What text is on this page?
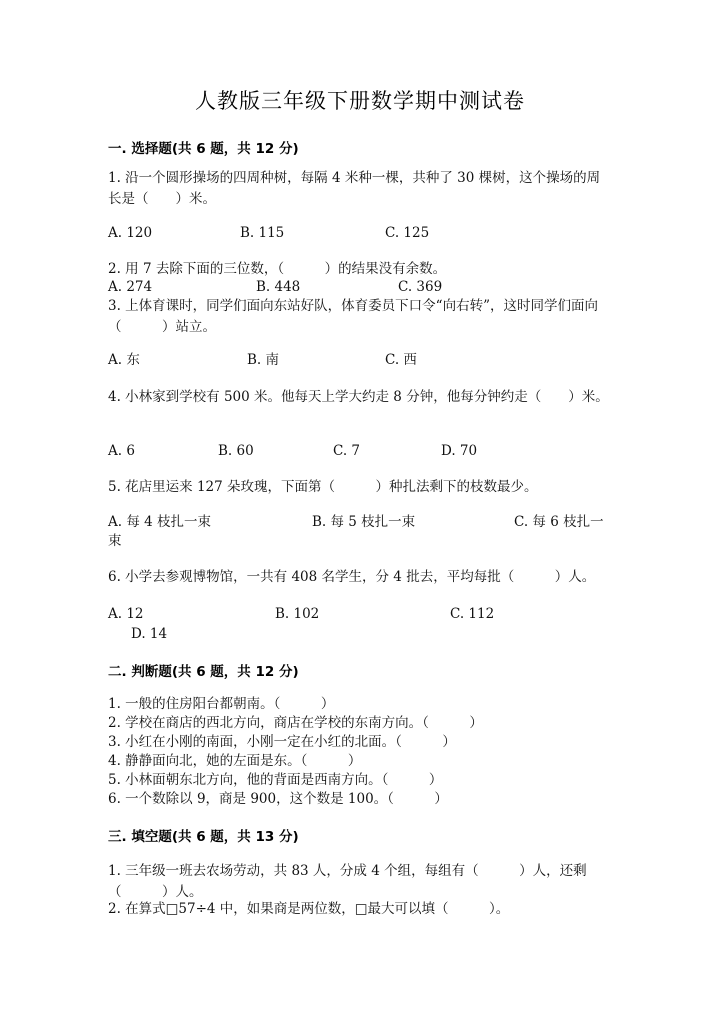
人教版三年级下册数学期中测试卷
一. 选择题(共 6 题，共 12 分)
1. 沿一个圆形操场的四周种树，每隔 4 米种一棵，共种了 30 棵树，这个操场的周长是（　　）米。
A. 120	B. 115	C. 125
2. 用 7 去除下面的三位数，（　　　）的结果没有余数。
A. 274	B. 448	C. 369
3. 上体育课时，同学们面向东站好队，体育委员下口令“向右转”，这时同学们面向（　　　）站立。
A. 东	B. 南	C. 西
4. 小林家到学校有 500 米。他每天上学大约走 8 分钟，他每分钟约走（　　）米。
A. 6	B. 60	C. 7	D. 70
5. 花店里运来 127 朵玫瑰，下面第（　　　）种扎法剩下的枝数最少。
A. 每 4 枝扎一束	B. 每 5 枝扎一束	C. 每 6 枝扎一
束
6. 小学去参观博物馆，一共有 408 名学生，分 4 批去，平均每批（　　　）人。
A. 12	B. 102	C. 112
D. 14
二. 判断题(共 6 题，共 12 分)
1. 一般的住房阳台都朝南。（　　　）
2. 学校在商店的西北方向，商店在学校的东南方向。（　　　）
3. 小红在小刚的南面，小刚一定在小红的北面。（　　　）
4. 静静面向北，她的左面是东。（　　　）
5. 小林面朝东北方向，他的背面是西南方向。（　　　）
6. 一个数除以 9，商是 900，这个数是 100。（　　　）
三. 填空题(共 6 题，共 13 分)
1. 三年级一班去农场劳动，共 83 人，分成 4 个组，每组有（　　　）人，还剩（　　　）人。
2. 在算式□57÷4 中，如果商是两位数，□最大可以填（　　　）。
